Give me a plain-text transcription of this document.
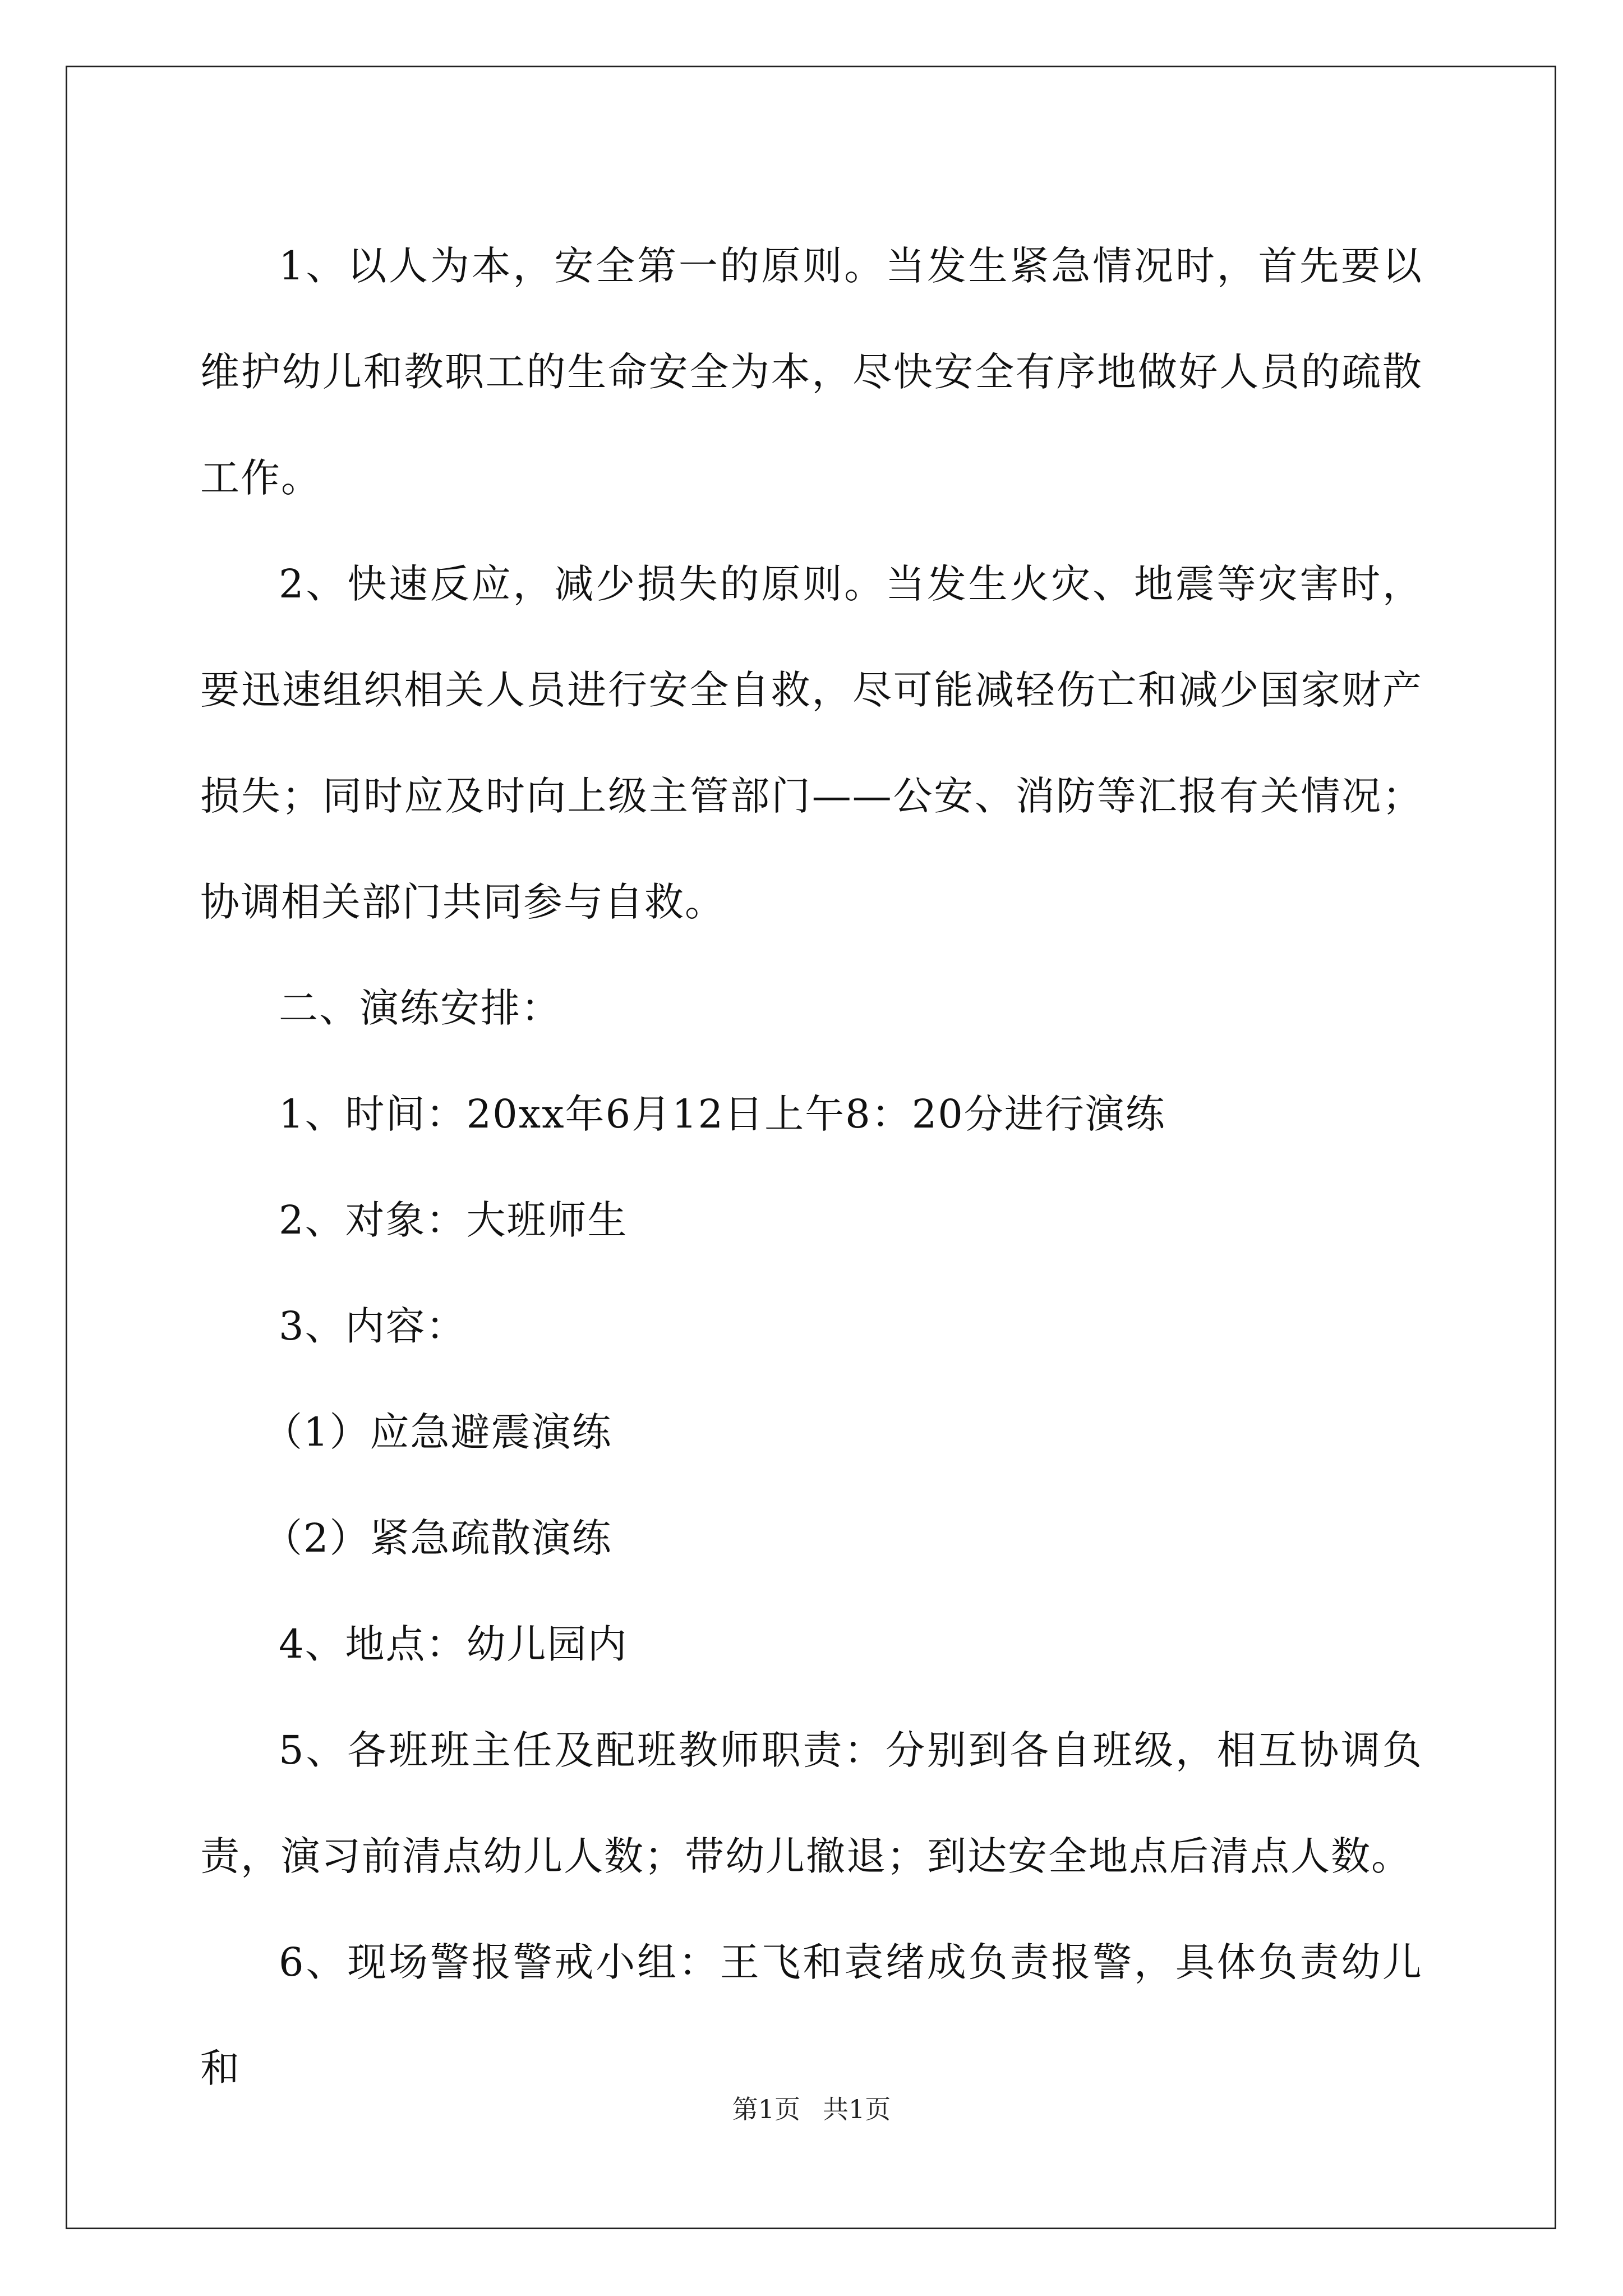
1、以人为本，安全第一的原则。当发生紧急情况时，首先要以维护幼儿和教职工的生命安全为本，尽快安全有序地做好人员的疏散工作。

2、快速反应，减少损失的原则。当发生火灾、地震等灾害时，要迅速组织相关人员进行安全自救，尽可能减轻伤亡和减少国家财产损失；同时应及时向上级主管部门——公安、消防等汇报有关情况；协调相关部门共同参与自救。

二、演练安排：

1、时间：20xx年6月12日上午8：20分进行演练

2、对象：大班师生

3、内容：

（1）应急避震演练

（2）紧急疏散演练

4、地点：幼儿园内

5、各班班主任及配班教师职责：分别到各自班级，相互协调负责，演习前清点幼儿人数；带幼儿撤退；到达安全地点后清点人数。

6、现场警报警戒小组：王飞和袁绪成负责报警，具体负责幼儿和

第1页 共1页
